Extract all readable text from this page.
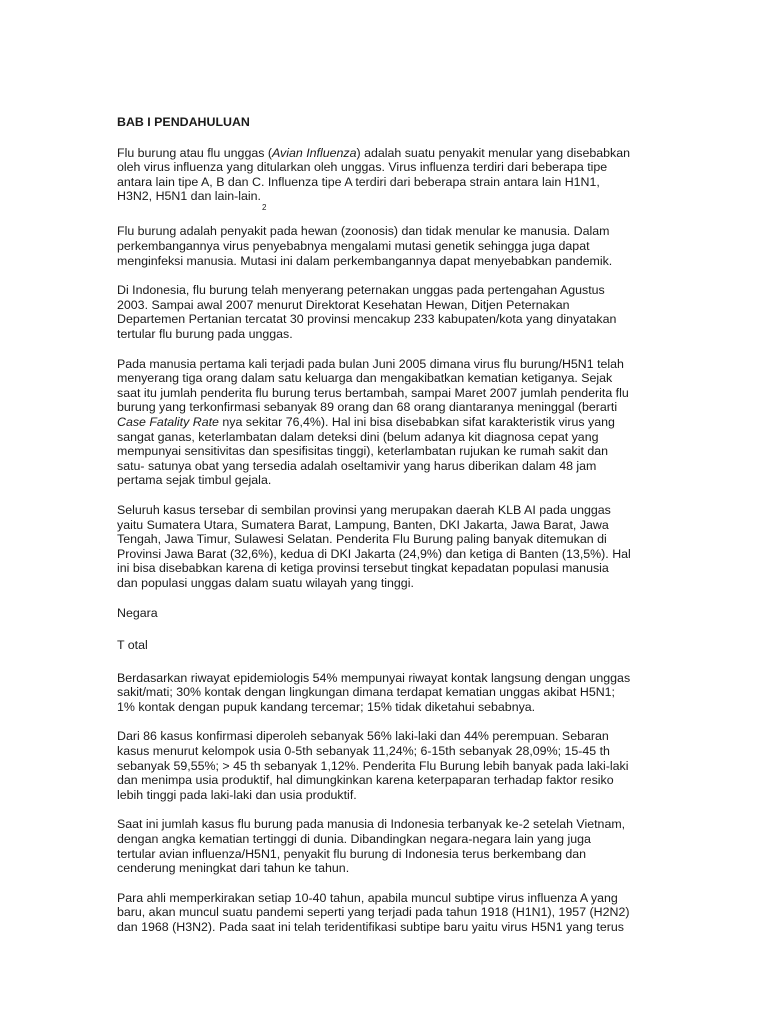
BAB I PENDAHULUAN
Flu burung atau flu unggas (Avian Influenza) adalah suatu penyakit menular yang disebabkan
oleh virus influenza yang ditularkan oleh unggas. Virus influenza terdiri dari beberapa tipe
antara lain tipe A, B dan C. Influenza tipe A terdiri dari beberapa strain antara lain H1N1,
H3N2, H5N1 dan lain-$lain._2$
Flu burung adalah penyakit pada hewan (zoonosis) dan tidak menular ke manusia. Dalam
perkembangannya virus penyebabnya mengalami mutasi genetik sehingga juga dapat
menginfeksi manusia. Mutasi ini dalam perkembangannya dapat menyebabkan pandemik.
Di Indonesia, flu burung telah menyerang peternakan unggas pada pertengahan Agustus
2003. Sampai awal 2007 menurut Direktorat Kesehatan Hewan, Ditjen Peternakan
Departemen Pertanian tercatat 30 provinsi mencakup 233 kabupaten/kota yang dinyatakan
tertular flu burung pada unggas.
Pada manusia pertama kali terjadi pada bulan Juni 2005 dimana virus flu burung/H5N1 telah
menyerang tiga orang dalam satu keluarga dan mengakibatkan kematian ketiganya. Sejak
saat itu jumlah penderita flu burung terus bertambah, sampai Maret 2007 jumlah penderita flu
burung yang terkonfirmasi sebanyak 89 orang dan 68 orang diantaranya meninggal (berarti
Case Fatality Rate nya sekitar 76,4%). Hal ini bisa disebabkan sifat karakteristik virus yang
sangat ganas, keterlambatan dalam deteksi dini (belum adanya kit diagnosa cepat yang
mempunyai sensitivitas dan spesifisitas tinggi), keterlambatan rujukan ke rumah sakit dan
satu- satunya obat yang tersedia adalah oseltamivir yang harus diberikan dalam 48 jam
pertama sejak timbul gejala.
Seluruh kasus tersebar di sembilan provinsi yang merupakan daerah KLB AI pada unggas
yaitu Sumatera Utara, Sumatera Barat, Lampung, Banten, DKI Jakarta, Jawa Barat, Jawa
Tengah, Jawa Timur, Sulawesi Selatan. Penderita Flu Burung paling banyak ditemukan di
Provinsi Jawa Barat (32,6%), kedua di DKI Jakarta (24,9%) dan ketiga di Banten (13,5%). Hal
ini bisa disebabkan karena di ketiga provinsi tersebut tingkat kepadatan populasi manusia
dan populasi unggas dalam suatu wilayah yang tinggi.
Negara
T otal
Berdasarkan riwayat epidemiologis 54% mempunyai riwayat kontak langsung dengan unggas
sakit/mati; 30% kontak dengan lingkungan dimana terdapat kematian unggas akibat H5N1;
1% kontak dengan pupuk kandang tercemar; 15% tidak diketahui sebabnya.
Dari 86 kasus konfirmasi diperoleh sebanyak 56% laki-laki dan 44% perempuan. Sebaran
kasus menurut kelompok usia 0-5th sebanyak 11,24%; 6-15th sebanyak 28,09%; 15-45 th
sebanyak 59,55%; > 45 th sebanyak 1,12%. Penderita Flu Burung lebih banyak pada laki-laki
dan menimpa usia produktif, hal dimungkinkan karena keterpaparan terhadap faktor resiko
lebih tinggi pada laki-laki dan usia produktif.
Saat ini jumlah kasus flu burung pada manusia di Indonesia terbanyak ke-2 setelah Vietnam,
dengan angka kematian tertinggi di dunia. Dibandingkan negara-negara lain yang juga
tertular avian influenza/H5N1, penyakit flu burung di Indonesia terus berkembang dan
cenderung meningkat dari tahun ke tahun.
Para ahli memperkirakan setiap 10-40 tahun, apabila muncul subtipe virus influenza A yang
baru, akan muncul suatu pandemi seperti yang terjadi pada tahun 1918 (H1N1), 1957 (H2N2)
dan 1968 (H3N2). Pada saat ini telah teridentifikasi subtipe baru yaitu virus H5N1 yang terus
